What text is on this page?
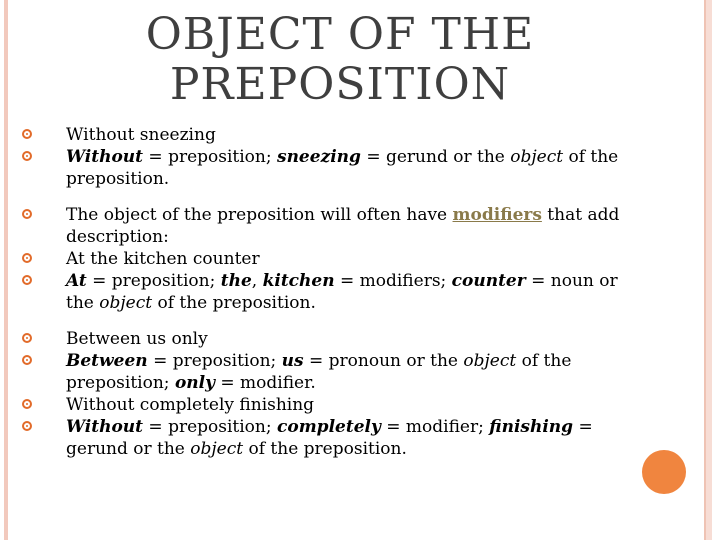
OBJECT OF THE
PREPOSITION
Without sneezing
Without = preposition; sneezing = gerund or the object of the preposition.
The object of the preposition will often have modifiers that add description:
At the kitchen counter
At = preposition; the, kitchen = modifiers; counter = noun or the object of the preposition.
Between us only
Between = preposition; us = pronoun or the object of the preposition; only = modifier.
Without completely finishing
Without = preposition; completely = modifier; finishing = gerund or the object of the preposition.
